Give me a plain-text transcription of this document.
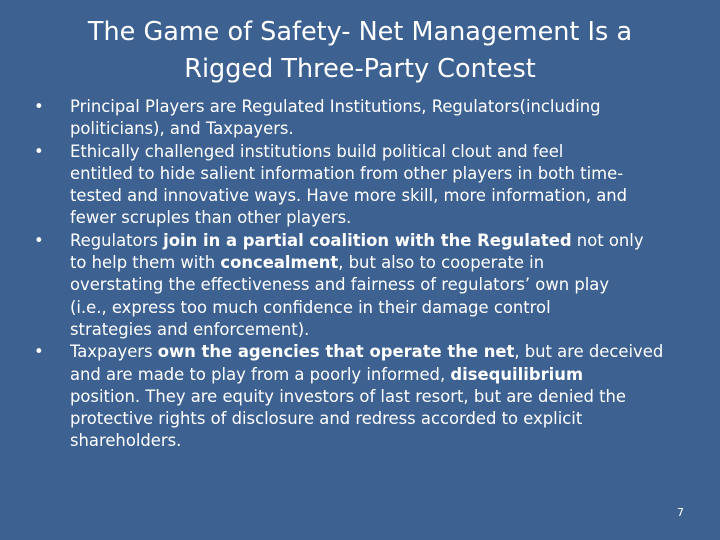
The Game of Safety- Net Management Is a
Rigged Three-Party Contest
• Principal Players are Regulated Institutions, Regulators(including
politicians), and Taxpayers.
• Ethically challenged institutions build political clout and feel
entitled to hide salient information from other players in both time-
tested and innovative ways. Have more skill, more information, and
fewer scruples than other players.
• Regulators join in a partial coalition with the Regulated not only
to help them with concealment, but also to cooperate in
overstating the effectiveness and fairness of regulators’ own play
(i.e., express too much confidence in their damage control
strategies and enforcement).
• Taxpayers own the agencies that operate the net, but are deceived
and are made to play from a poorly informed, disequilibrium
position. They are equity investors of last resort, but are denied the
protective rights of disclosure and redress accorded to explicit
shareholders.
7
